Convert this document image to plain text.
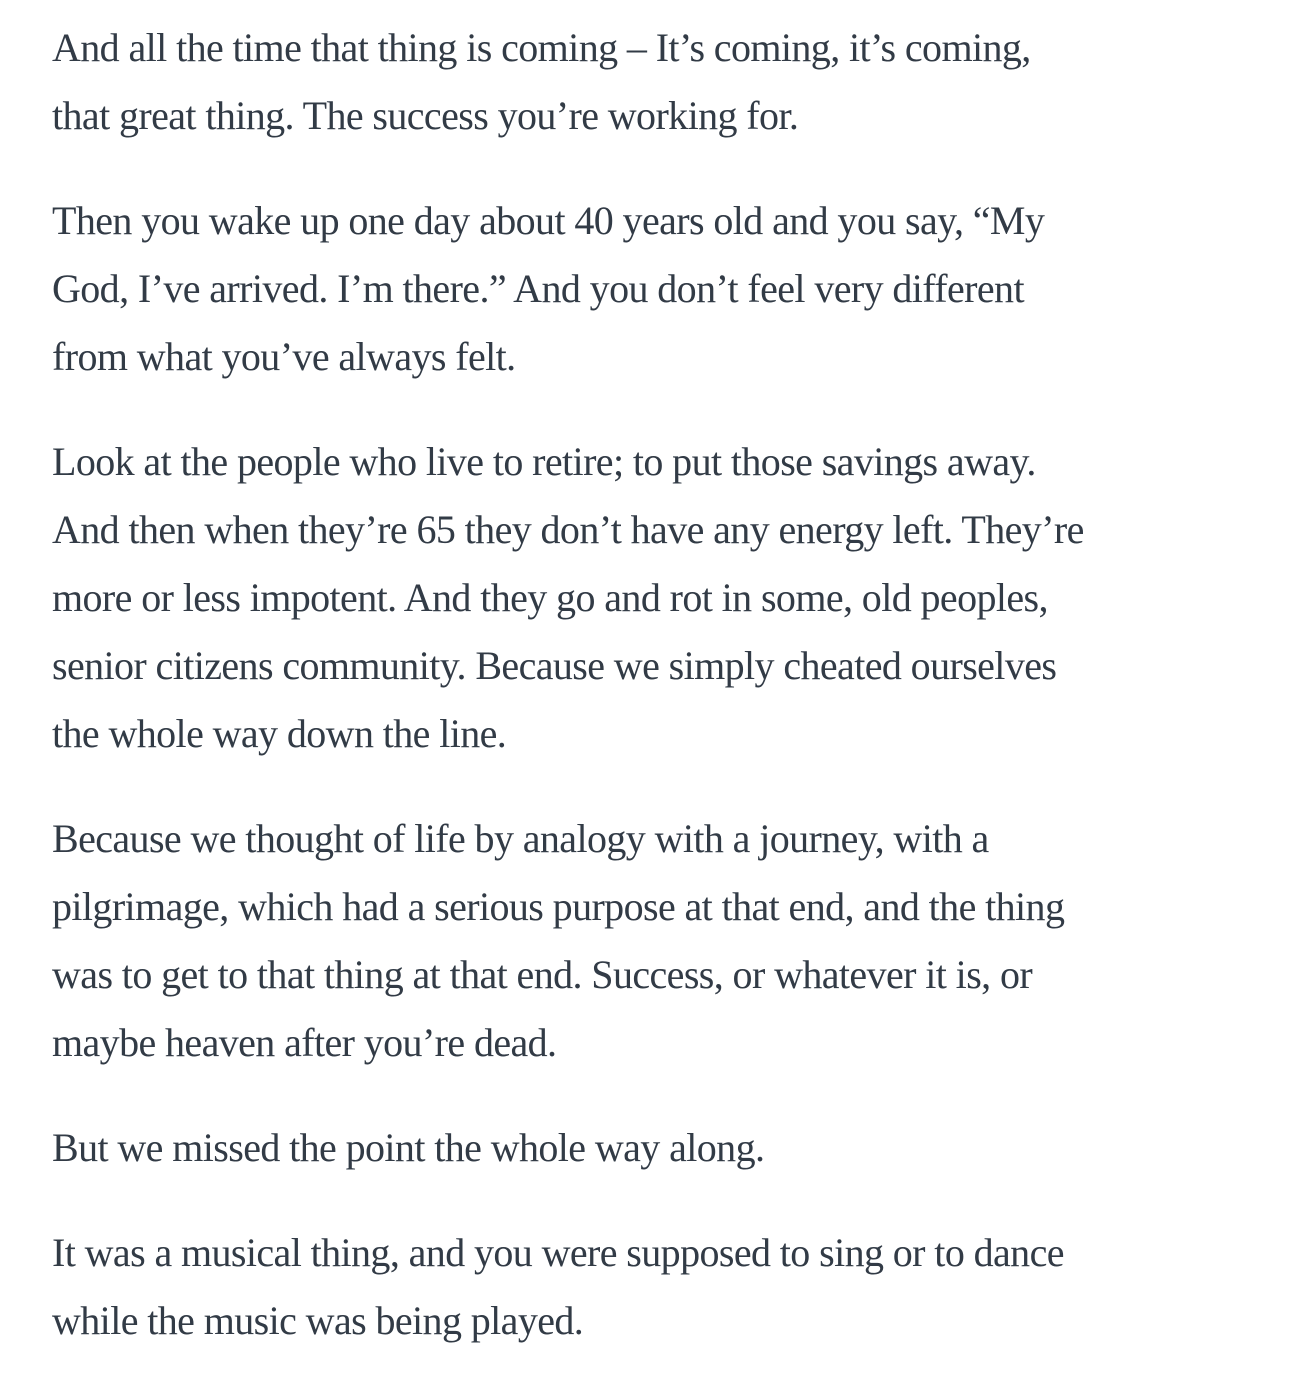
And all the time that thing is coming – It’s coming, it’s coming,
that great thing. The success you’re working for.

Then you wake up one day about 40 years old and you say, “My
God, I’ve arrived. I’m there.” And you don’t feel very different
from what you’ve always felt.

Look at the people who live to retire; to put those savings away.
And then when they’re 65 they don’t have any energy left. They’re
more or less impotent. And they go and rot in some, old peoples,
senior citizens community. Because we simply cheated ourselves
the whole way down the line.

Because we thought of life by analogy with a journey, with a
pilgrimage, which had a serious purpose at that end, and the thing
was to get to that thing at that end. Success, or whatever it is, or
maybe heaven after you’re dead.

But we missed the point the whole way along.

It was a musical thing, and you were supposed to sing or to dance
while the music was being played.
